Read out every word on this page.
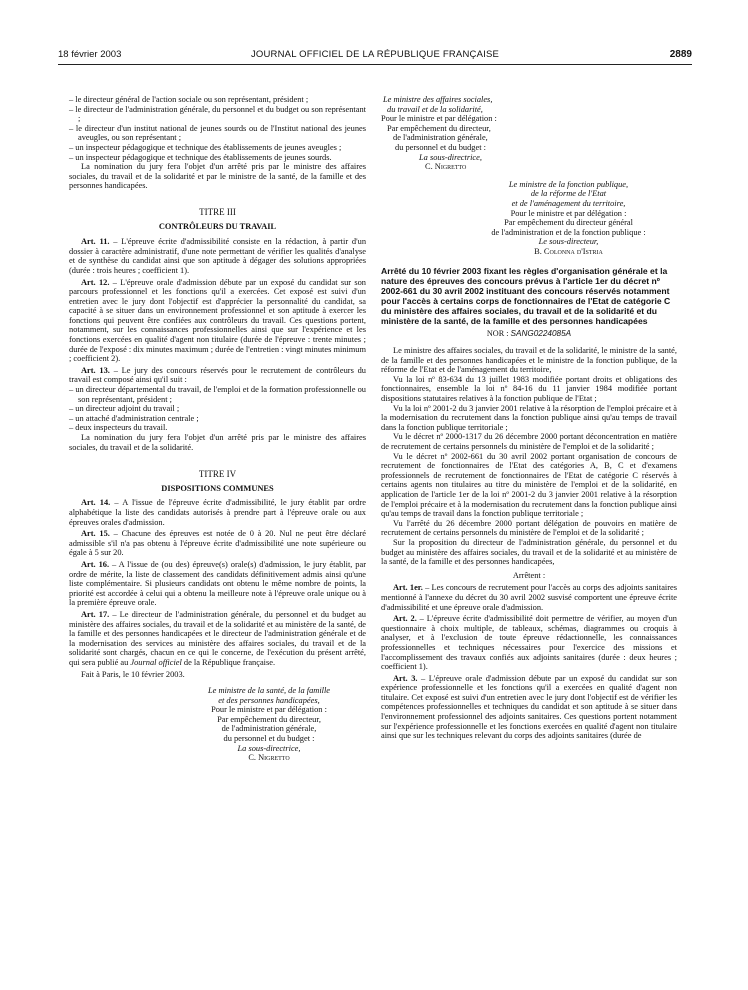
18 février 2003	JOURNAL OFFICIEL DE LA RÉPUBLIQUE FRANÇAISE	2889

– le directeur général de l'action sociale ou son représentant, président ;

– le directeur de l'administration générale, du personnel et du budget ou son représentant ;

– le directeur d'un institut national de jeunes sourds ou de l'Institut national des jeunes aveugles, ou son représentant ;

– un inspecteur pédagogique et technique des établissements de jeunes aveugles ;

– un inspecteur pédagogique et technique des établissements de jeunes sourds.

La nomination du jury fera l'objet d'un arrêté pris par le ministre des affaires sociales, du travail et de la solidarité et par le ministre de la santé, de la famille et des personnes handicapées.

TITRE III

CONTRÔLEURS DU TRAVAIL

Art. 11. – L'épreuve écrite d'admissibilité consiste en la rédaction, à partir d'un dossier à caractère administratif, d'une note permettant de vérifier les qualités d'analyse et de synthèse du candidat ainsi que son aptitude à dégager des solutions appropriées (durée : trois heures ; coefficient 1).

Art. 12. – L'épreuve orale d'admission débute par un exposé du candidat sur son parcours professionnel et les fonctions qu'il a exercées. Cet exposé est suivi d'un entretien avec le jury dont l'objectif est d'apprécier la personnalité du candidat, sa capacité à se situer dans un environnement professionnel et son aptitude à exercer les fonctions qui peuvent être confiées aux contrôleurs du travail. Ces questions portent, notamment, sur les connaissances professionnelles ainsi que sur l'expérience et les fonctions exercées en qualité d'agent non titulaire (durée de l'épreuve : trente minutes ; durée de l'exposé : dix minutes maximum ; durée de l'entretien : vingt minutes minimum ; coefficient 2).

Art. 13. – Le jury des concours réservés pour le recrutement de contrôleurs du travail est composé ainsi qu'il suit :

– un directeur départemental du travail, de l'emploi et de la formation professionnelle ou son représentant, président ;

– un directeur adjoint du travail ;

– un attaché d'administration centrale ;

– deux inspecteurs du travail.

La nomination du jury fera l'objet d'un arrêté pris par le ministre des affaires sociales, du travail et de la solidarité.

TITRE IV

DISPOSITIONS COMMUNES

Art. 14. – A l'issue de l'épreuve écrite d'admissibilité, le jury établit par ordre alphabétique la liste des candidats autorisés à prendre part à l'épreuve orale ou aux épreuves orales d'admission.

Art. 15. – Chacune des épreuves est notée de 0 à 20. Nul ne peut être déclaré admissible s'il n'a pas obtenu à l'épreuve écrite d'admissibilité une note supérieure ou égale à 5 sur 20.

Art. 16. – A l'issue de (ou des) épreuve(s) orale(s) d'admission, le jury établit, par ordre de mérite, la liste de classement des candidats définitivement admis ainsi qu'une liste complémentaire. Si plusieurs candidats ont obtenu le même nombre de points, la priorité est accordée à celui qui a obtenu la meilleure note à l'épreuve orale unique ou à la première épreuve orale.

Art. 17. – Le directeur de l'administration générale, du personnel et du budget au ministère des affaires sociales, du travail et de la solidarité et au ministère de la santé, de la famille et des personnes handicapées et le directeur de l'administration générale et de la modernisation des services au ministère des affaires sociales, du travail et de la solidarité sont chargés, chacun en ce qui le concerne, de l'exécution du présent arrêté, qui sera publié au Journal officiel de la République française.

Fait à Paris, le 10 février 2003.

Le ministre de la santé, de la famille
et des personnes handicapées,
Pour le ministre et par délégation :
Par empêchement du directeur,
de l'administration générale,
du personnel et du budget :
La sous-directrice,
C. Nigretto
Le ministre des affaires sociales,
du travail et de la solidarité,
Pour le ministre et par délégation :
Par empêchement du directeur,
de l'administration générale,
du personnel et du budget :
La sous-directrice,
C. Nigretto
Le ministre de la fonction publique,
de la réforme de l'Etat
et de l'aménagement du territoire,
Pour le ministre et par délégation :
Par empêchement du directeur général
de l'administration et de la fonction publique :
Le sous-directeur,
B. Colonna d'Istria

Arrêté du 10 février 2003 fixant les règles d'organisation générale et la nature des épreuves des concours prévus à l'article 1er du décret nº 2002-661 du 30 avril 2002 instituant des concours réservés notamment pour l'accès à certains corps de fonctionnaires de l'Etat de catégorie C du ministère des affaires sociales, du travail et de la solidarité et du ministère de la santé, de la famille et des personnes handicapées

NOR : SANG0224085A

Le ministre des affaires sociales, du travail et de la solidarité, le ministre de la santé, de la famille et des personnes handicapées et le ministre de la fonction publique, de la réforme de l'Etat et de l'aménagement du territoire,

Vu la loi nº 83-634 du 13 juillet 1983 modifiée portant droits et obligations des fonctionnaires, ensemble la loi nº 84-16 du 11 janvier 1984 modifiée portant dispositions statutaires relatives à la fonction publique de l'Etat ;

Vu la loi nº 2001-2 du 3 janvier 2001 relative à la résorption de l'emploi précaire et à la modernisation du recrutement dans la fonction publique ainsi qu'au temps de travail dans la fonction publique territoriale ;

Vu le décret nº 2000-1317 du 26 décembre 2000 portant déconcentration en matière de recrutement de certains personnels du ministère de l'emploi et de la solidarité ;

Vu le décret nº 2002-661 du 30 avril 2002 portant organisation de concours de recrutement de fonctionnaires de l'Etat des catégories A, B, C et d'examens professionnels de recrutement de fonctionnaires de l'Etat de catégorie C réservés à certains agents non titulaires au titre du ministère de l'emploi et de la solidarité, en application de l'article 1er de la loi nº 2001-2 du 3 janvier 2001 relative à la résorption de l'emploi précaire et à la modernisation du recrutement dans la fonction publique ainsi qu'au temps de travail dans la fonction publique territoriale ;

Vu l'arrêté du 26 décembre 2000 portant délégation de pouvoirs en matière de recrutement de certains personnels du ministère de l'emploi et de la solidarité ;

Sur la proposition du directeur de l'administration générale, du personnel et du budget au ministère des affaires sociales, du travail et de la solidarité et au ministère de la santé, de la famille et des personnes handicapées,

Arrêtent :

Art. 1er. – Les concours de recrutement pour l'accès au corps des adjoints sanitaires mentionné à l'annexe du décret du 30 avril 2002 susvisé comportent une épreuve écrite d'admissibilité et une épreuve orale d'admission.

Art. 2. – L'épreuve écrite d'admissibilité doit permettre de vérifier, au moyen d'un questionnaire à choix multiple, de tableaux, schémas, diagrammes ou croquis à analyser, et à l'exclusion de toute épreuve rédactionnelle, les connaissances professionnelles et techniques nécessaires pour l'exercice des missions et l'accomplissement des travaux confiés aux adjoints sanitaires (durée : deux heures ; coefficient 1).

Art. 3. – L'épreuve orale d'admission débute par un exposé du candidat sur son expérience professionnelle et les fonctions qu'il a exercées en qualité d'agent non titulaire. Cet exposé est suivi d'un entretien avec le jury dont l'objectif est de vérifier les compétences professionnelles et techniques du candidat et son aptitude à se situer dans l'environnement professionnel des adjoints sanitaires. Ces questions portent notamment sur l'expérience professionnelle et les fonctions exercées en qualité d'agent non titulaire ainsi que sur les techniques relevant du corps des adjoints sanitaires (durée de
